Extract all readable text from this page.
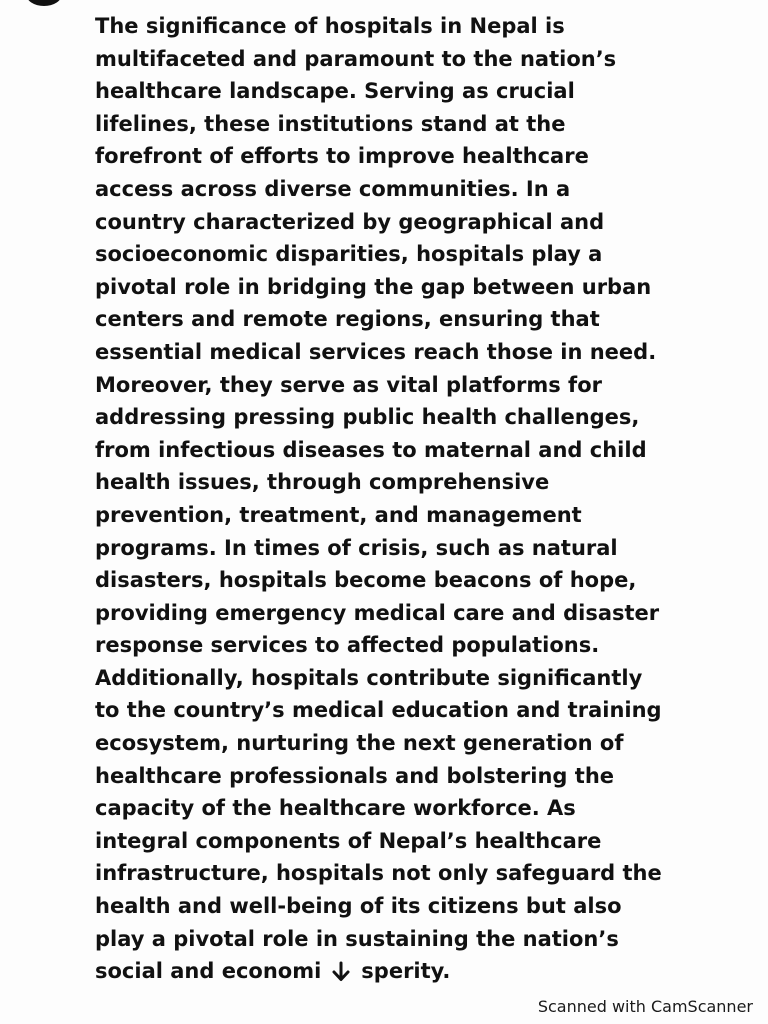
The significance of hospitals in Nepal is
multifaceted and paramount to the nation’s
healthcare landscape. Serving as crucial
lifelines, these institutions stand at the
forefront of efforts to improve healthcare
access across diverse communities. In a
country characterized by geographical and
socioeconomic disparities, hospitals play a
pivotal role in bridging the gap between urban
centers and remote regions, ensuring that
essential medical services reach those in need.
Moreover, they serve as vital platforms for
addressing pressing public health challenges,
from infectious diseases to maternal and child
health issues, through comprehensive
prevention, treatment, and management
programs. In times of crisis, such as natural
disasters, hospitals become beacons of hope,
providing emergency medical care and disaster
response services to affected populations.
Additionally, hospitals contribute significantly
to the country’s medical education and training
ecosystem, nurturing the next generation of
healthcare professionals and bolstering the
capacity of the healthcare workforce. As
integral components of Nepal’s healthcare
infrastructure, hospitals not only safeguard the
health and well-being of its citizens but also
play a pivotal role in sustaining the nation’s
social and economi sperity.
Scanned with CamScanner
